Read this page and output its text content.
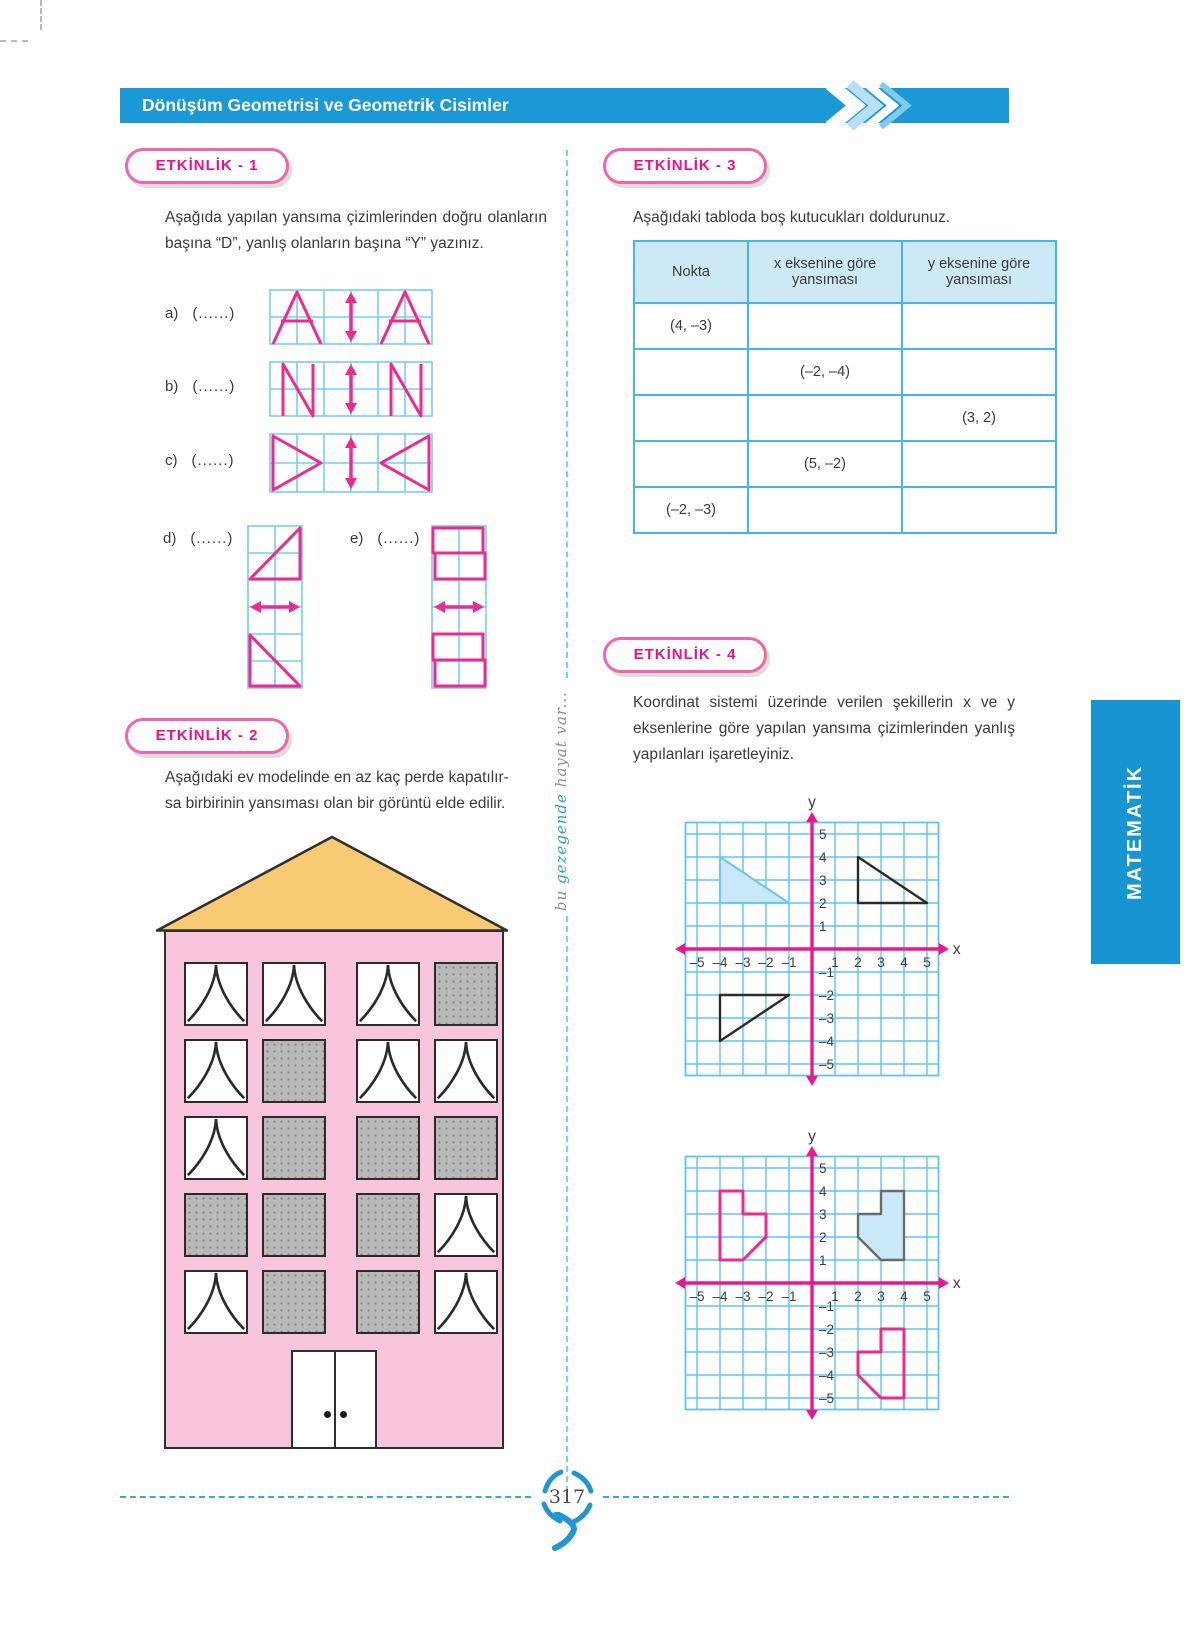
Dönüşüm Geometrisi ve Geometrik Cisimler
ETKİNLİK - 1
Aşağıda yapılan yansıma çizimlerinden doğru olanların başına “D”, yanlış olanların başına “Y” yazınız.
a) (......)
b) (......)
c) (......)
d) (......)	e) (......)
ETKİNLİK - 2
Aşağıdaki ev modelinde en az kaç perde kapatılır-
sa birbirinin yansıması olan bir görüntü elde edilir.
ETKİNLİK - 3
Aşağıdaki tabloda boş kutucukları doldurunuz.
Nokta	x eksenine göre yansıması	y eksenine göre yansıması
(4, –3)		
	(–2, –4)	
		(3, 2)
	(5, –2)	
(–2, –3)		
ETKİNLİK - 4
Koordinat sistemi üzerinde verilen şekillerin x ve y eksenlerine göre yapılan yansıma çizimlerinden yanlış yapılanları işaretleyiniz.
y
x
–5 –4 –3 –2 –1	1 2 3 4 5
5
4
3
2
1
–1
–2
–3
–4
–5
y
x
–5 –4 –3 –2 –1	1 2 3 4 5
5
4
3
2
1
–1
–2
–3
–4
–5
MATEMATİK
bu gezegende hayat var...
317
